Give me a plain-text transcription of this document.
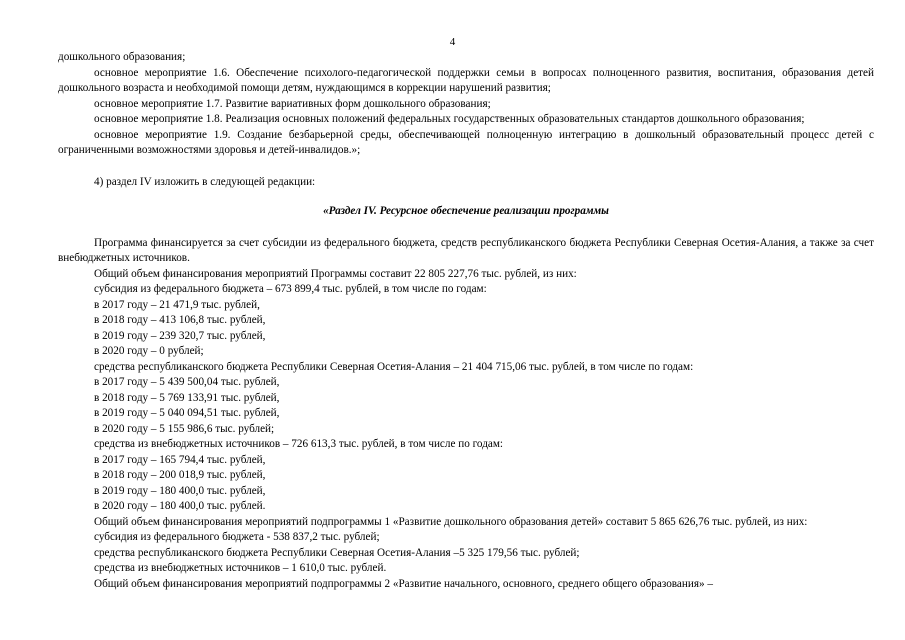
4

дошкольного образования;

основное мероприятие 1.6. Обеспечение психолого-педагогической поддержки семьи в вопросах полноценного развития, воспитания, образования детей дошкольного возраста и необходимой помощи детям, нуждающимся в коррекции нарушений развития;

основное мероприятие 1.7. Развитие вариативных форм дошкольного образования;

основное мероприятие 1.8. Реализация основных положений федеральных государственных образовательных стандартов дошкольного образования;

основное мероприятие 1.9. Создание безбарьерной среды, обеспечивающей полноценную интеграцию в дошкольный образовательный процесс детей с ограниченными возможностями здоровья и детей-инвалидов.»;

4) раздел IV изложить в следующей редакции:

«Раздел IV. Ресурсное обеспечение реализации программы

Программа финансируется за счет субсидии из федерального бюджета, средств республиканского бюджета Республики Северная Осетия-Алания, а также за счет внебюджетных источников.

Общий объем финансирования мероприятий Программы составит 22 805 227,76 тыс. рублей, из них:

субсидия из федерального бюджета – 673 899,4 тыс. рублей, в том числе по годам:

в 2017 году – 21 471,9 тыс. рублей,

в 2018 году – 413 106,8 тыс. рублей,

в 2019 году – 239 320,7 тыс. рублей,

в 2020 году – 0 рублей;

средства республиканского бюджета Республики Северная Осетия-Алания – 21 404 715,06 тыс. рублей, в том числе по годам:

в 2017 году – 5 439 500,04 тыс. рублей,

в 2018 году – 5 769 133,91 тыс. рублей,

в 2019 году – 5 040 094,51 тыс. рублей,

в 2020 году – 5 155 986,6 тыс. рублей;

средства из внебюджетных источников – 726 613,3 тыс. рублей, в том числе по годам:

в 2017 году – 165 794,4 тыс. рублей,

в 2018 году – 200 018,9 тыс. рублей,

в 2019 году – 180 400,0 тыс. рублей,

в 2020 году – 180 400,0 тыс. рублей.

Общий объем финансирования мероприятий подпрограммы 1 «Развитие дошкольного образования детей» составит 5 865 626,76 тыс. рублей, из них:

субсидия из федерального бюджета - 538 837,2 тыс. рублей;

средства республиканского бюджета Республики Северная Осетия-Алания –5 325 179,56 тыс. рублей;

средства из внебюджетных источников – 1 610,0 тыс. рублей.

Общий объем финансирования мероприятий подпрограммы 2 «Развитие начального, основного, среднего общего образования» –
